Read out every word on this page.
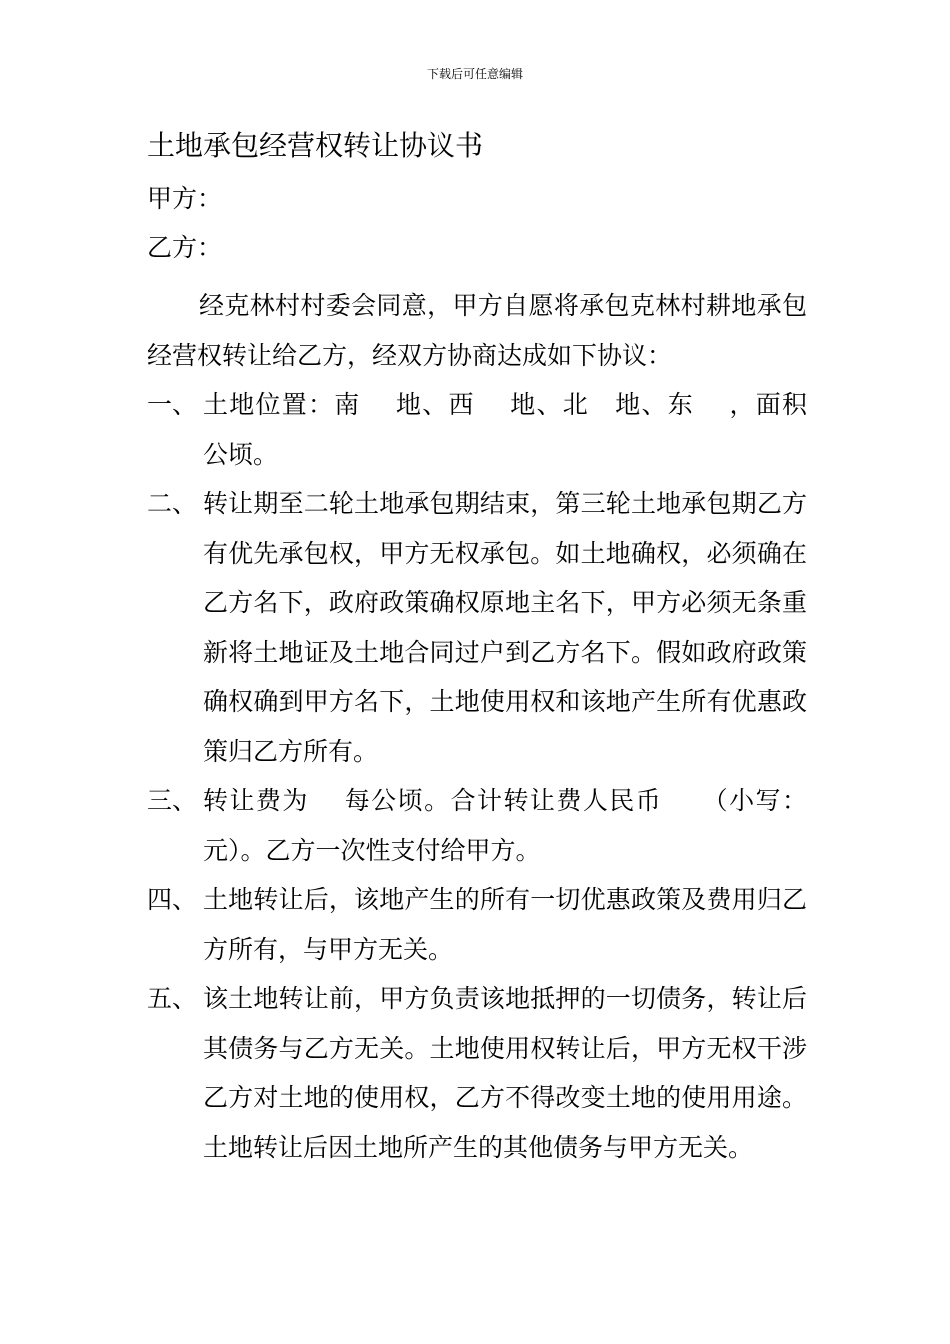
下载后可任意编辑
土地承包经营权转让协议书
甲方：
乙方：
经克林村村委会同意，甲方自愿将承包克林村耕地承包经营权转让给乙方，经双方协商达成如下协议：
一、 土地位置：南　 地、西　 地、北　地、东　 ，面积　公顷。
二、 转让期至二轮土地承包期结束，第三轮土地承包期乙方有优先承包权，甲方无权承包。如土地确权，必须确在乙方名下，政府政策确权原地主名下，甲方必须无条重新将土地证及土地合同过户到乙方名下。假如政府政策确权确到甲方名下，土地使用权和该地产生所有优惠政策归乙方所有。
三、 转让费为　 每公顷。合计转让费人民币　　（小写：元）。乙方一次性支付给甲方。
四、 土地转让后，该地产生的所有一切优惠政策及费用归乙方所有，与甲方无关。
五、 该土地转让前，甲方负责该地抵押的一切债务，转让后其债务与乙方无关。土地使用权转让后，甲方无权干涉乙方对土地的使用权，乙方不得改变土地的使用用途。土地转让后因土地所产生的其他债务与甲方无关。
